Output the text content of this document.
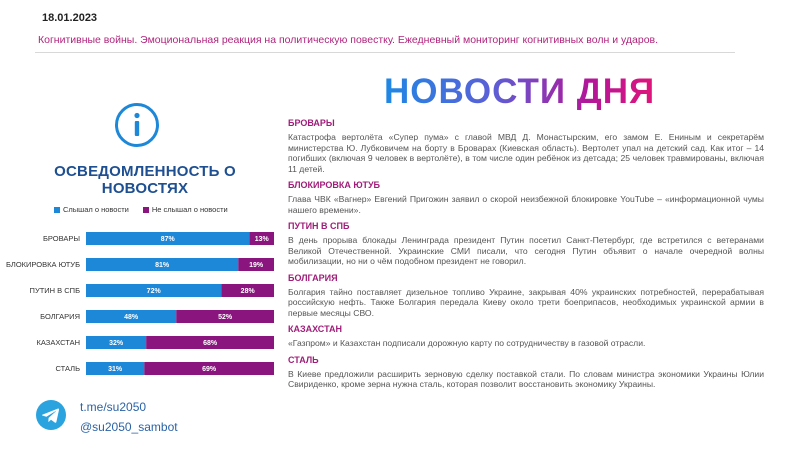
18.01.2023
Когнитивные войны. Эмоциональная реакция на политическую повестку. Ежедневный мониторинг когнитивных волн и ударов.
ОСВЕДОМЛЕННОСТЬ О
НОВОСТЯХ
Слышал о новости	Не слышал о новости
БРОВАРЫ	87%	13%
БЛОКИРОВКА ЮТУБ	81%	19%
ПУТИН В СПБ	72%	28%
БОЛГАРИЯ	48%	52%
КАЗАХСТАН	32%	68%
СТАЛЬ	31%	69%
t.me/su2050
@su2050_sambot
НОВОСТИ ДНЯ
БРОВАРЫ
Катастрофа вертолёта «Супер пума» с главой МВД Д. Монастырским, его замом Е. Ениным и секретарём министерства Ю. Лубковичем на борту в Броварах (Киевская область). Вертолет упал на детский сад. Как итог – 14 погибших (включая 9 человек в вертолёте), в том числе один ребёнок из детсада; 25 человек травмированы, включая 11 детей.
БЛОКИРОВКА ЮТУБ
Глава ЧВК «Вагнер» Евгений Пригожин заявил о скорой неизбежной блокировке YouTube – «информационной чумы нашего времени».
ПУТИН В СПБ
В день прорыва блокады Ленинграда президент Путин посетил Санкт-Петербург, где встретился с ветеранами Великой Отечественной. Украинские СМИ писали, что сегодня Путин объявит о начале очередной волны мобилизации, но ни о чём подобном президент не говорил.
БОЛГАРИЯ
Болгария тайно поставляет дизельное топливо Украине, закрывая 40% украинских потребностей, перерабатывая российскую нефть. Также Болгария передала Киеву около трети боеприпасов, необходимых украинской армии в первые месяцы СВО.
КАЗАХСТАН
«Газпром» и Казахстан подписали дорожную карту по сотрудничеству в газовой отрасли.
СТАЛЬ
В Киеве предложили расширить зерновую сделку поставкой стали. По словам министра экономики Украины Юлии Свириденко, кроме зерна нужна сталь, которая позволит восстановить экономику Украины.
